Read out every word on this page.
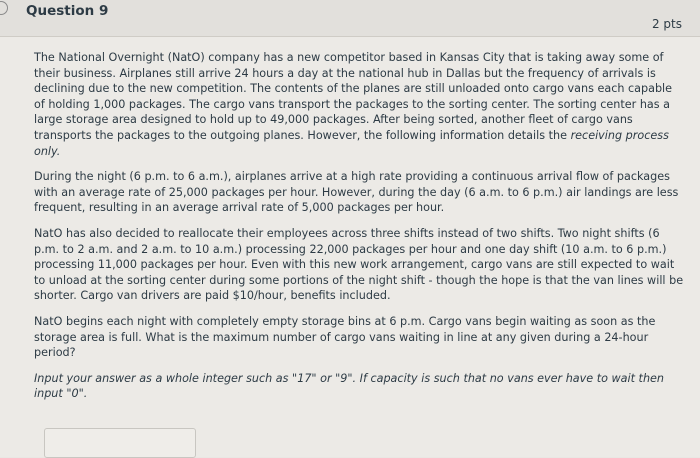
Question 9
2 pts

The National Overnight (NatO) company has a new competitor based in Kansas City that is taking away some of their business. Airplanes still arrive 24 hours a day at the national hub in Dallas but the frequency of arrivals is declining due to the new competition. The contents of the planes are still unloaded onto cargo vans each capable of holding 1,000 packages. The cargo vans transport the packages to the sorting center. The sorting center has a large storage area designed to hold up to 49,000 packages. After being sorted, another fleet of cargo vans transports the packages to the outgoing planes. However, the following information details the receiving process only.

During the night (6 p.m. to 6 a.m.), airplanes arrive at a high rate providing a continuous arrival flow of packages with an average rate of 25,000 packages per hour. However, during the day (6 a.m. to 6 p.m.) air landings are less frequent, resulting in an average arrival rate of 5,000 packages per hour.

NatO has also decided to reallocate their employees across three shifts instead of two shifts. Two night shifts (6 p.m. to 2 a.m. and 2 a.m. to 10 a.m.) processing 22,000 packages per hour and one day shift (10 a.m. to 6 p.m.) processing 11,000 packages per hour. Even with this new work arrangement, cargo vans are still expected to wait to unload at the sorting center during some portions of the night shift - though the hope is that the van lines will be shorter. Cargo van drivers are paid $10/hour, benefits included.

NatO begins each night with completely empty storage bins at 6 p.m. Cargo vans begin waiting as soon as the storage area is full. What is the maximum number of cargo vans waiting in line at any given during a 24-hour period?

Input your answer as a whole integer such as "17" or "9". If capacity is such that no vans ever have to wait then input "0".
